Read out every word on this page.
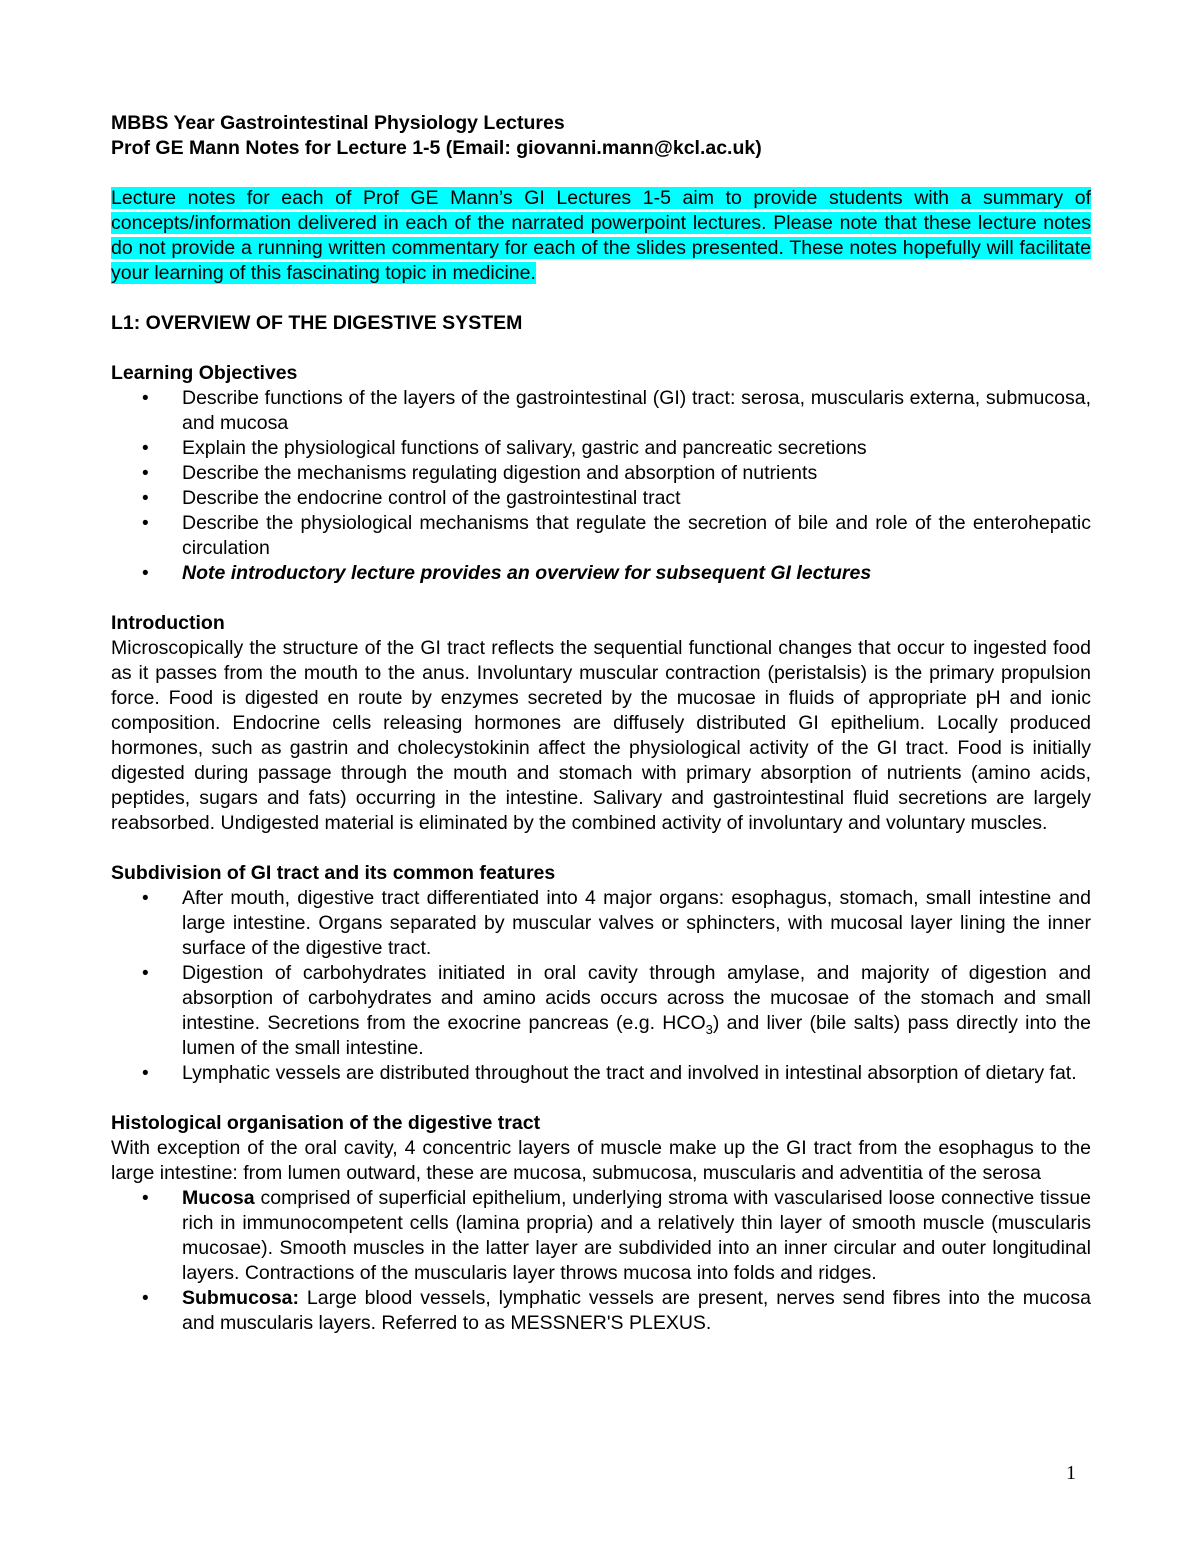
MBBS Year Gastrointestinal Physiology Lectures
Prof GE Mann Notes for Lecture 1-5 (Email: giovanni.mann@kcl.ac.uk)
Lecture notes for each of Prof GE Mann’s GI Lectures 1-5 aim to provide students with a summary of concepts/information delivered in each of the narrated powerpoint lectures. Please note that these lecture notes do not provide a running written commentary for each of the slides presented. These notes hopefully will facilitate your learning of this fascinating topic in medicine.
L1: OVERVIEW OF THE DIGESTIVE SYSTEM
Learning Objectives
• Describe functions of the layers of the gastrointestinal (GI) tract: serosa, muscularis externa, submucosa, and mucosa
• Explain the physiological functions of salivary, gastric and pancreatic secretions
• Describe the mechanisms regulating digestion and absorption of nutrients
• Describe the endocrine control of the gastrointestinal tract
• Describe the physiological mechanisms that regulate the secretion of bile and role of the enterohepatic circulation
• Note introductory lecture provides an overview for subsequent GI lectures
Introduction

Microscopically the structure of the GI tract reflects the sequential functional changes that occur to ingested food as it passes from the mouth to the anus. Involuntary muscular contraction (peristalsis) is the primary propulsion force. Food is digested en route by enzymes secreted by the mucosae in fluids of appropriate pH and ionic composition. Endocrine cells releasing hormones are diffusely distributed GI epithelium. Locally produced hormones, such as gastrin and cholecystokinin affect the physiological activity of the GI tract. Food is initially digested during passage through the mouth and stomach with primary absorption of nutrients (amino acids, peptides, sugars and fats) occurring in the intestine. Salivary and gastrointestinal fluid secretions are largely reabsorbed. Undigested material is eliminated by the combined activity of involuntary and voluntary muscles.

Subdivision of GI tract and its common features
• After mouth, digestive tract differentiated into 4 major organs: esophagus, stomach, small intestine and large intestine. Organs separated by muscular valves or sphincters, with mucosal layer lining the inner surface of the digestive tract.
• Digestion of carbohydrates initiated in oral cavity through amylase, and majority of digestion and absorption of carbohydrates and amino acids occurs across the mucosae of the stomach and small intestine. Secretions from the exocrine pancreas (e.g. $HCO_3$) and liver (bile salts) pass directly into the lumen of the small intestine.
• Lymphatic vessels are distributed throughout the tract and involved in intestinal absorption of dietary fat.
Histological organisation of the digestive tract

With exception of the oral cavity, 4 concentric layers of muscle make up the GI tract from the esophagus to the large intestine: from lumen outward, these are mucosa, submucosa, muscularis and adventitia of the serosa

• Mucosa comprised of superficial epithelium, underlying stroma with vascularised loose connective tissue rich in immunocompetent cells (lamina propria) and a relatively thin layer of smooth muscle (muscularis mucosae). Smooth muscles in the latter layer are subdivided into an inner circular and outer longitudinal layers. Contractions of the muscularis layer throws mucosa into folds and ridges.
• Submucosa: Large blood vessels, lymphatic vessels are present, nerves send fibres into the mucosa and muscularis layers. Referred to as MESSNER'S PLEXUS.
1
